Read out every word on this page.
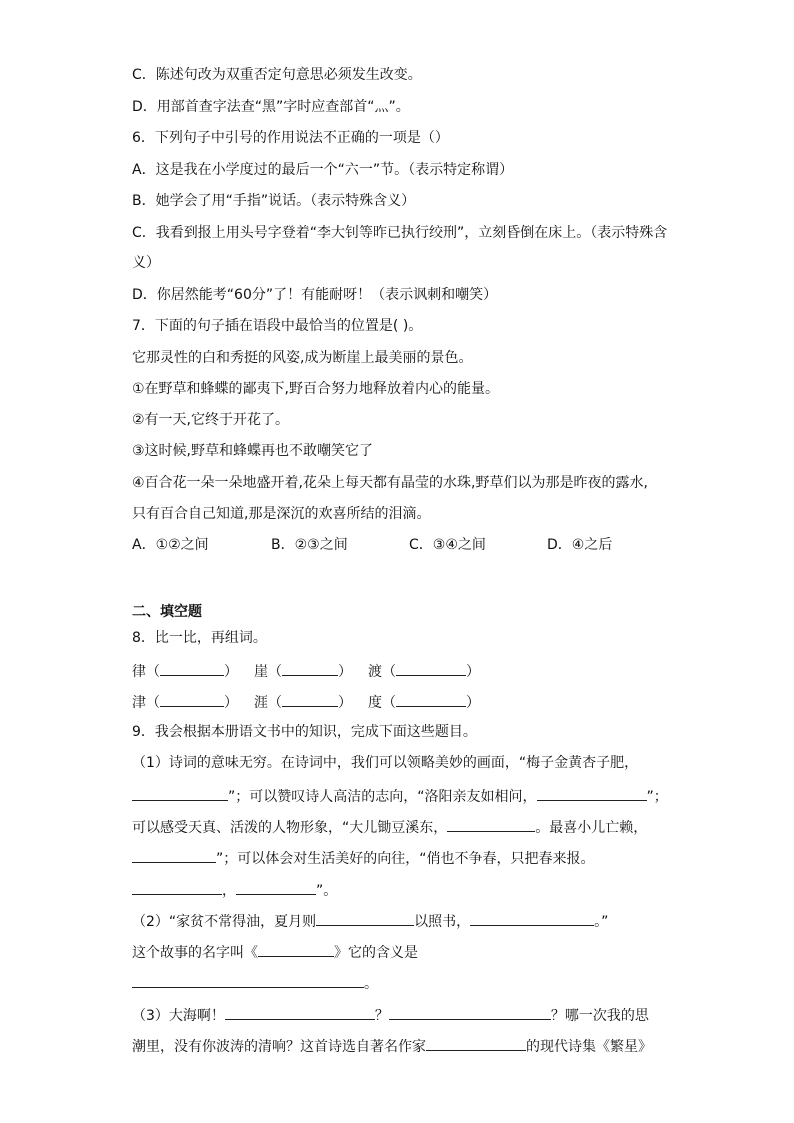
C．陈述句改为双重否定句意思必须发生改变。
D．用部首查字法查“黑”字时应查部首“灬”。
6．下列句子中引号的作用说法不正确的一项是（）
A．这是我在小学度过的最后一个“六一”节。（表示特定称谓）
B．她学会了用“手指”说话。（表示特殊含义）
C．我看到报上用头号字登着“李大钊等昨已执行绞刑”，立刻昏倒在床上。（表示特殊含
义）
D．你居然能考“60分”了！有能耐呀！（表示讽刺和嘲笑）
7．下面的句子插在语段中最恰当的位置是( )。
它那灵性的白和秀挺的风姿,成为断崖上最美丽的景色。
①在野草和蜂蝶的鄙夷下,野百合努力地释放着内心的能量。
②有一天,它终于开花了。
③这时候,野草和蜂蝶再也不敢嘲笑它了
④百合花一朵一朵地盛开着,花朵上每天都有晶莹的水珠,野草们以为那是昨夜的露水,
只有百合自己知道,那是深沉的欢喜所结的泪滴。
A．①②之间	B．②③之间	C．③④之间	D．④之后
二、填空题
8．比一比，再组词。
律（	） 崖（	） 渡（	）
津（	） 涯（	） 度（	）
9．我会根据本册语文书中的知识，完成下面这些题目。
（1）诗词的意味无穷。在诗词中，我们可以领略美妙的画面，“梅子金黄杏子肥，
”；可以赞叹诗人高洁的志向，“洛阳亲友如相问，	”；
可以感受天真、活泼的人物形象，“大儿锄豆溪东，	。最喜小儿亡赖，
”；可以体会对生活美好的向往，“俏也不争春，只把春来报。
，	”。
（2）“家贫不常得油，夏月则	以照书，	。”
这个故事的名字叫《	》它的含义是
。
（3）大海啊！	？	？哪一次我的思
潮里，没有你波涛的清响？这首诗选自著名作家	的现代诗集《繁星》
